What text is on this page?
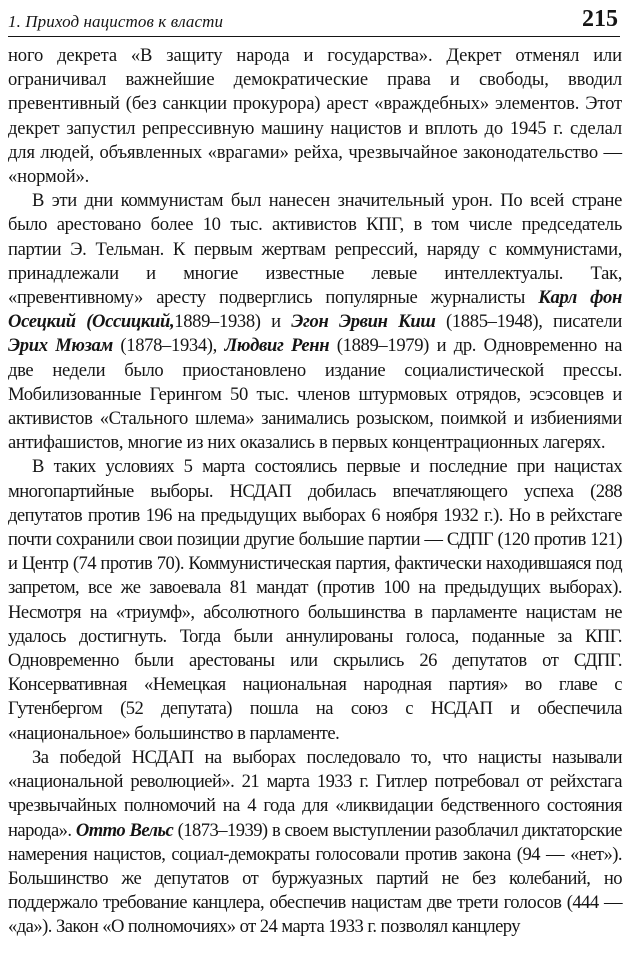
1. Приход нацистов к власти	215

ного декрета «В защиту народа и государства». Декрет отменял или ограничивал важнейшие демократические права и свободы, вводил превентивный (без санкции прокурора) арест «враждебных» элементов. Этот декрет запустил репрессивную машину нацистов и вплоть до 1945 г. сделал для людей, объявленных «врагами» рейха, чрезвычайное законодательство — «нормой».

В эти дни коммунистам был нанесен значительный урон. По всей стране было арестовано более 10 тыс. активистов КПГ, в том числе председатель партии Э. Тельман. К первым жертвам репрессий, наряду с коммунистами, принадлежали и многие известные левые интеллектуалы. Так, «превентивному» аресту подверглись популярные журналисты Карл фон Осецкий (Оссицкий,1889–1938) и Эгон Эрвин Киш (1885–1948), писатели Эрих Мюзам (1878–1934), Людвиг Ренн (1889–1979) и др. Одновременно на две недели было приостановлено издание социалистической прессы. Мобилизованные Герингом 50 тыс. членов штурмовых отрядов, эсэсовцев и активистов «Стального шлема» занимались розыском, поимкой и избиениями антифашистов, многие из них оказались в первых концентрационных лагерях.

В таких условиях 5 марта состоялись первые и последние при нацистах многопартийные выборы. НСДАП добилась впечатляющего успеха (288 депутатов против 196 на предыдущих выборах 6 ноября 1932 г.). Но в рейхстаге почти сохранили свои позиции другие большие партии — СДПГ (120 против 121) и Центр (74 против 70). Коммунистическая партия, фактически находившаяся под запретом, все же завоевала 81 мандат (против 100 на предыдущих выборах). Несмотря на «триумф», абсолютного большинства в парламенте нацистам не удалось достигнуть. Тогда были аннулированы голоса, поданные за КПГ. Одновременно были арестованы или скрылись 26 депутатов от СДПГ. Консервативная «Немецкая национальная народная партия» во главе с Гутенбергом (52 депутата) пошла на союз с НСДАП и обеспечила «национальное» большинство в парламенте.

За победой НСДАП на выборах последовало то, что нацисты называли «национальной революцией». 21 марта 1933 г. Гитлер потребовал от рейхстага чрезвычайных полномочий на 4 года для «ликвидации бедственного состояния народа». Отто Вельс (1873–1939) в своем выступлении разоблачил диктаторские намерения нацистов, социал-демократы голосовали против закона (94 — «нет»). Большинство же депутатов от буржуазных партий не без колебаний, но поддержало требование канцлера, обеспечив нацистам две трети голосов (444 — «да»). Закон «О полномочиях» от 24 марта 1933 г. позволял канцлеру
